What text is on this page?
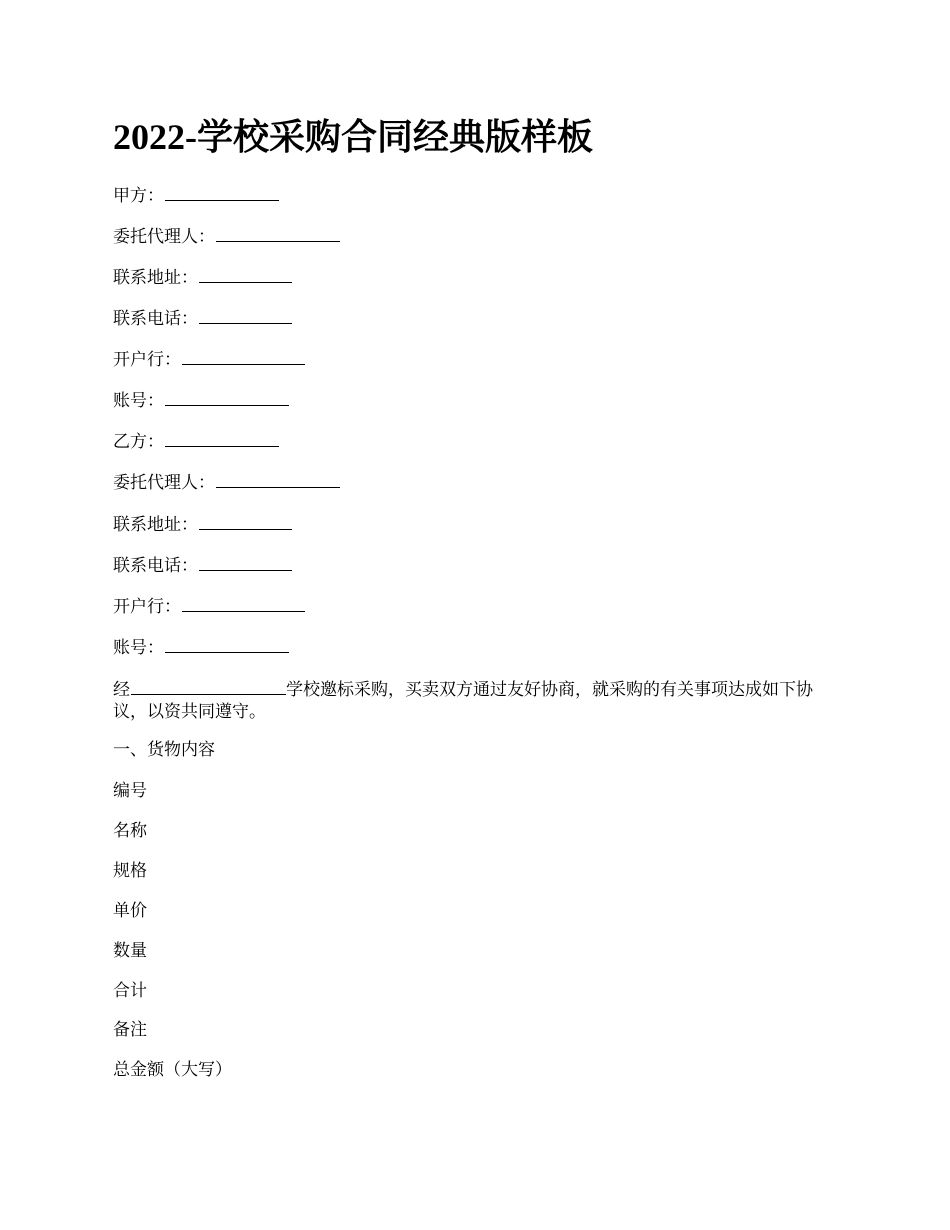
2022-学校采购合同经典版样板

甲方：

委托代理人：

联系地址：

联系电话：

开户行：

账号：

乙方：

委托代理人：

联系地址：

联系电话：

开户行：

账号：

经	学校邀标采购，买卖双方通过友好协商，就采购的有关事项达成如下协议，以资共同遵守。

一、货物内容

编号

名称

规格

单价

数量

合计

备注

总金额（大写）
